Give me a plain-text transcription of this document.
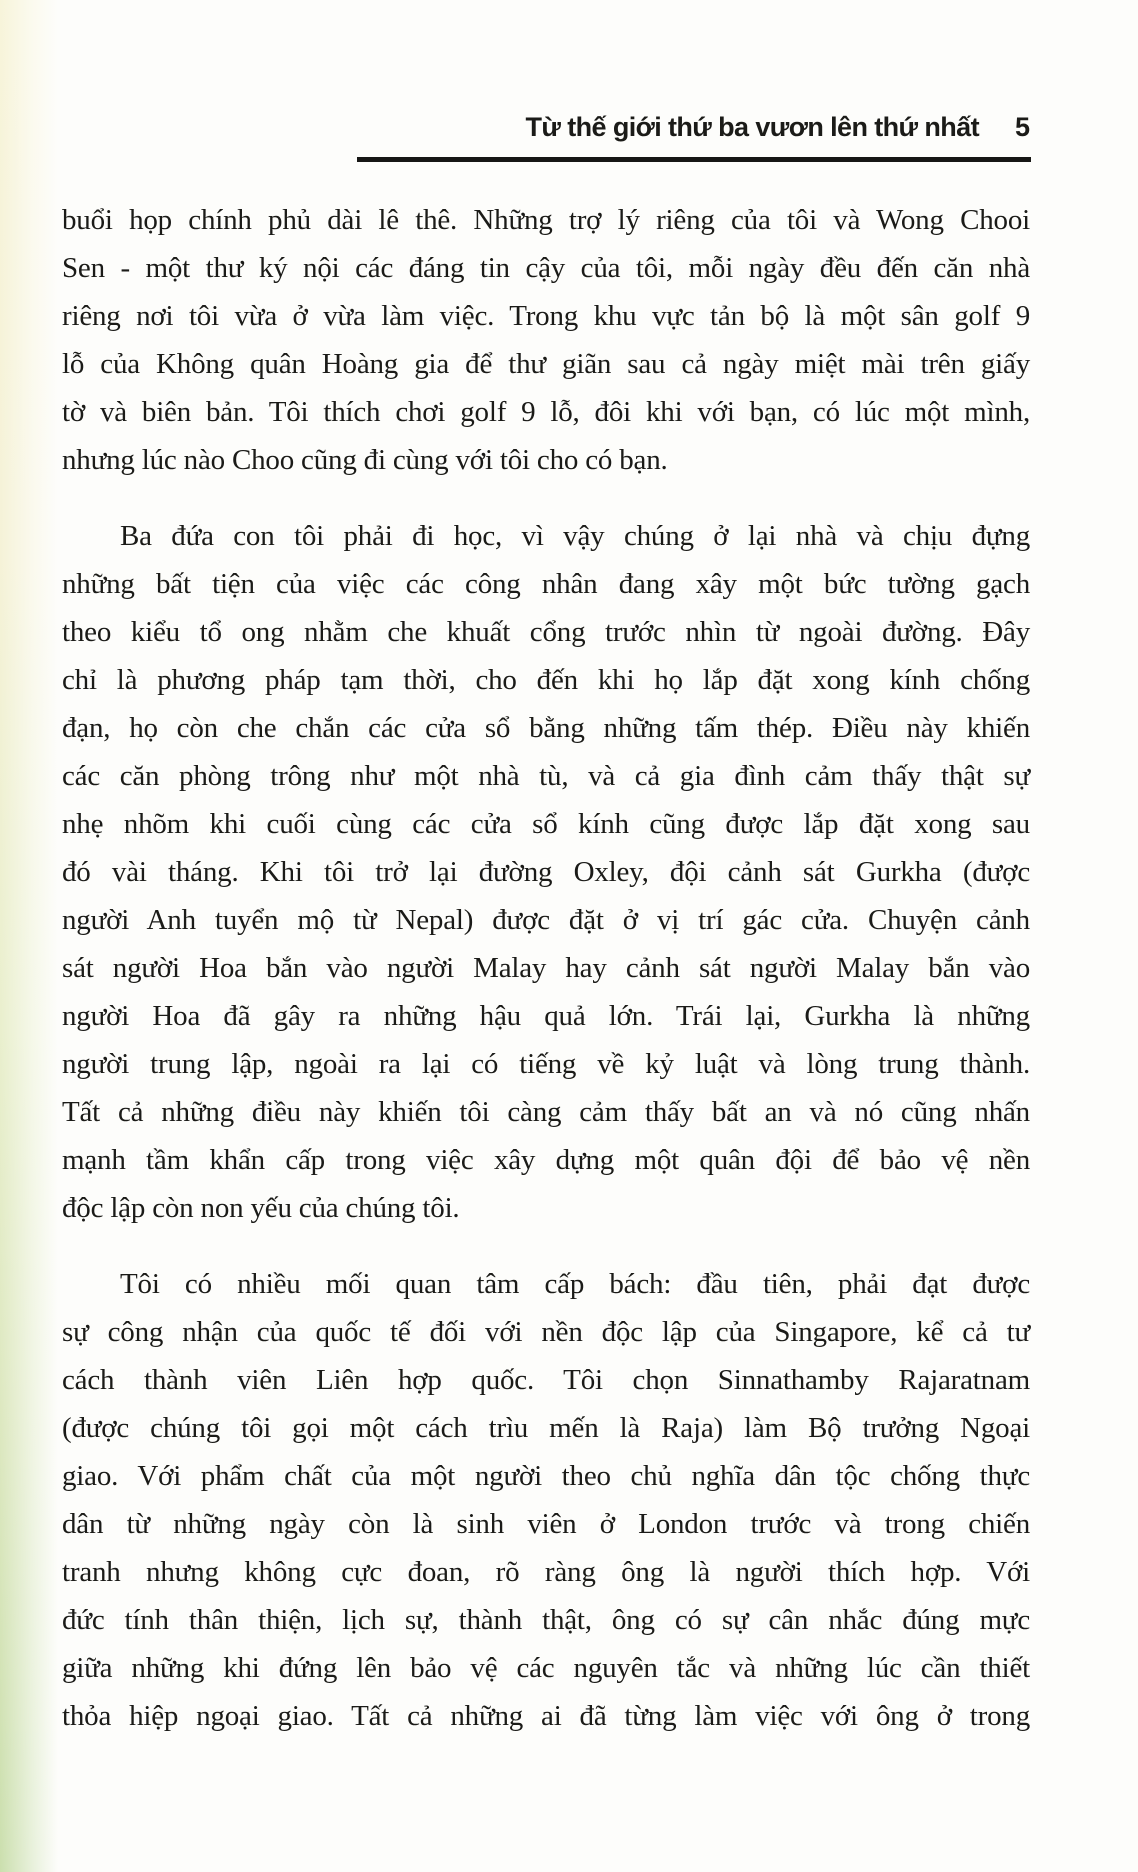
Từ thế giới thứ ba vươn lên thứ nhất 5
buổi họp chính phủ dài lê thê. Những trợ lý riêng của tôi và Wong Chooi
Sen - một thư ký nội các đáng tin cậy của tôi, mỗi ngày đều đến căn nhà
riêng nơi tôi vừa ở vừa làm việc. Trong khu vực tản bộ là một sân golf 9
lỗ của Không quân Hoàng gia để thư giãn sau cả ngày miệt mài trên giấy
tờ và biên bản. Tôi thích chơi golf 9 lỗ, đôi khi với bạn, có lúc một mình,
nhưng lúc nào Choo cũng đi cùng với tôi cho có bạn.
Ba đứa con tôi phải đi học, vì vậy chúng ở lại nhà và chịu đựng
những bất tiện của việc các công nhân đang xây một bức tường gạch
theo kiểu tổ ong nhằm che khuất cổng trước nhìn từ ngoài đường. Đây
chỉ là phương pháp tạm thời, cho đến khi họ lắp đặt xong kính chống
đạn, họ còn che chắn các cửa sổ bằng những tấm thép. Điều này khiến
các căn phòng trông như một nhà tù, và cả gia đình cảm thấy thật sự
nhẹ nhõm khi cuối cùng các cửa sổ kính cũng được lắp đặt xong sau
đó vài tháng. Khi tôi trở lại đường Oxley, đội cảnh sát Gurkha (được
người Anh tuyển mộ từ Nepal) được đặt ở vị trí gác cửa. Chuyện cảnh
sát người Hoa bắn vào người Malay hay cảnh sát người Malay bắn vào
người Hoa đã gây ra những hậu quả lớn. Trái lại, Gurkha là những
người trung lập, ngoài ra lại có tiếng về kỷ luật và lòng trung thành.
Tất cả những điều này khiến tôi càng cảm thấy bất an và nó cũng nhấn
mạnh tầm khẩn cấp trong việc xây dựng một quân đội để bảo vệ nền
độc lập còn non yếu của chúng tôi.
Tôi có nhiều mối quan tâm cấp bách: đầu tiên, phải đạt được
sự công nhận của quốc tế đối với nền độc lập của Singapore, kể cả tư
cách thành viên Liên hợp quốc. Tôi chọn Sinnathamby Rajaratnam
(được chúng tôi gọi một cách trìu mến là Raja) làm Bộ trưởng Ngoại
giao. Với phẩm chất của một người theo chủ nghĩa dân tộc chống thực
dân từ những ngày còn là sinh viên ở London trước và trong chiến
tranh nhưng không cực đoan, rõ ràng ông là người thích hợp. Với
đức tính thân thiện, lịch sự, thành thật, ông có sự cân nhắc đúng mực
giữa những khi đứng lên bảo vệ các nguyên tắc và những lúc cần thiết
thỏa hiệp ngoại giao. Tất cả những ai đã từng làm việc với ông ở trong
